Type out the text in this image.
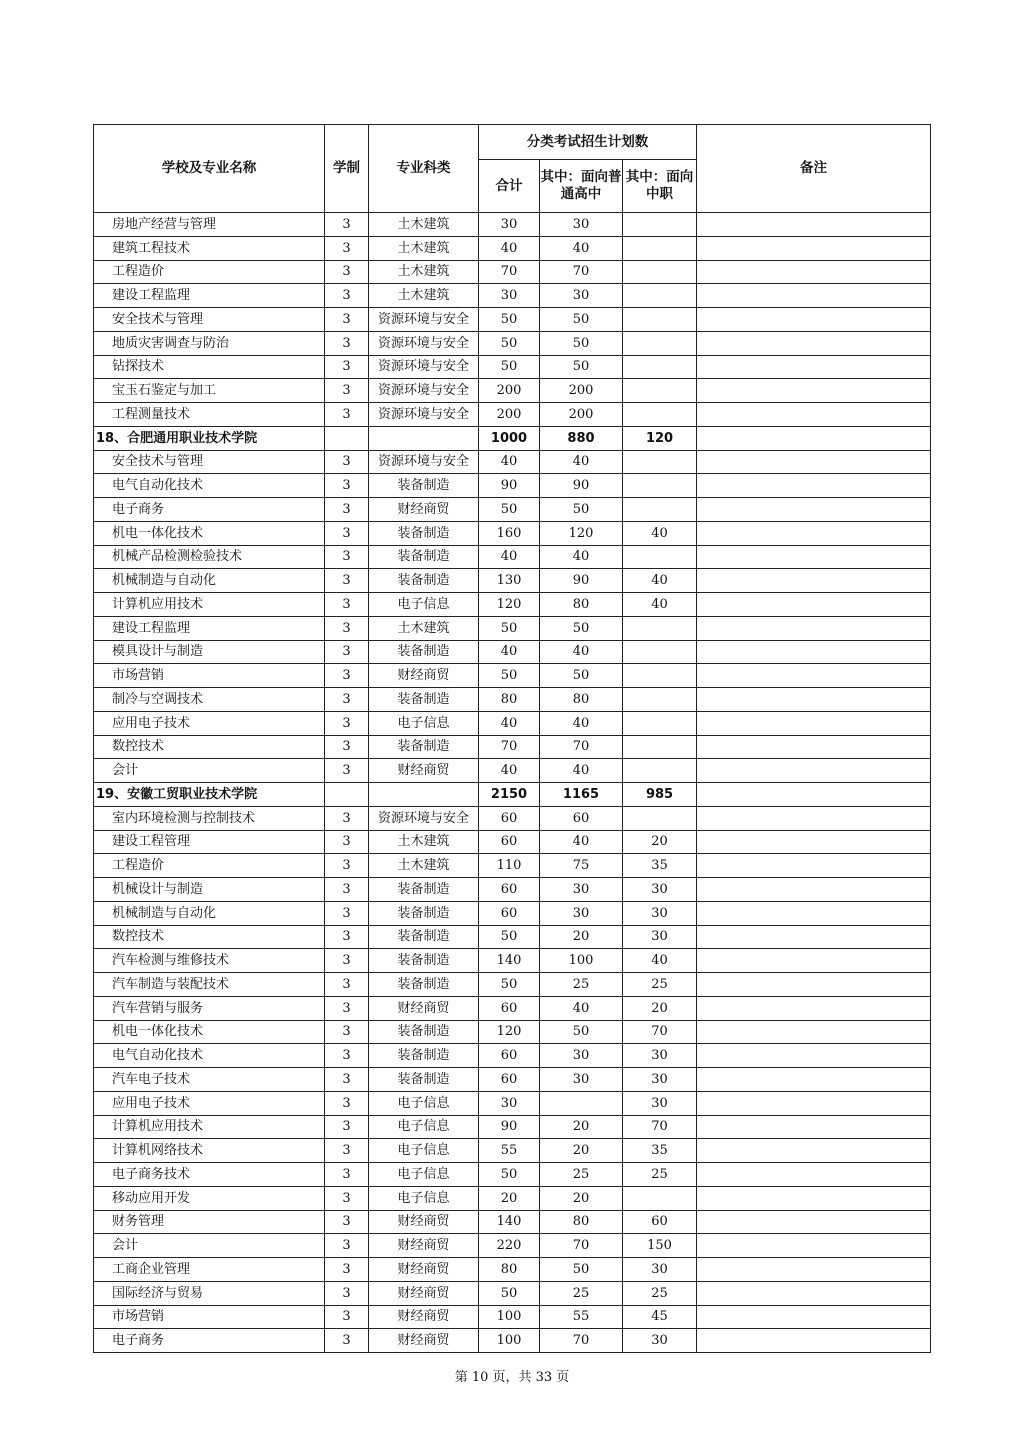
学校及专业名称	学制	专业科类	分类考试招生计划数			备注
			合计	其中：面向普通高中	其中：面向中职	
房地产经营与管理	3	土木建筑	30	30		
建筑工程技术	3	土木建筑	40	40		
工程造价	3	土木建筑	70	70		
建设工程监理	3	土木建筑	30	30		
安全技术与管理	3	资源环境与安全	50	50		
地质灾害调查与防治	3	资源环境与安全	50	50		
钻探技术	3	资源环境与安全	50	50		
宝玉石鉴定与加工	3	资源环境与安全	200	200		
工程测量技术	3	资源环境与安全	200	200		
18、合肥通用职业技术学院			1000	880	120	
安全技术与管理	3	资源环境与安全	40	40		
电气自动化技术	3	装备制造	90	90		
电子商务	3	财经商贸	50	50		
机电一体化技术	3	装备制造	160	120	40	
机械产品检测检验技术	3	装备制造	40	40		
机械制造与自动化	3	装备制造	130	90	40	
计算机应用技术	3	电子信息	120	80	40	
建设工程监理	3	土木建筑	50	50		
模具设计与制造	3	装备制造	40	40		
市场营销	3	财经商贸	50	50		
制冷与空调技术	3	装备制造	80	80		
应用电子技术	3	电子信息	40	40		
数控技术	3	装备制造	70	70		
会计	3	财经商贸	40	40		
19、安徽工贸职业技术学院			2150	1165	985	
室内环境检测与控制技术	3	资源环境与安全	60	60		
建设工程管理	3	土木建筑	60	40	20	
工程造价	3	土木建筑	110	75	35	
机械设计与制造	3	装备制造	60	30	30	
机械制造与自动化	3	装备制造	60	30	30	
数控技术	3	装备制造	50	20	30	
汽车检测与维修技术	3	装备制造	140	100	40	
汽车制造与装配技术	3	装备制造	50	25	25	
汽车营销与服务	3	财经商贸	60	40	20	
机电一体化技术	3	装备制造	120	50	70	
电气自动化技术	3	装备制造	60	30	30	
汽车电子技术	3	装备制造	60	30	30	
应用电子技术	3	电子信息	30		30	
计算机应用技术	3	电子信息	90	20	70	
计算机网络技术	3	电子信息	55	20	35	
电子商务技术	3	电子信息	50	25	25	
移动应用开发	3	电子信息	20	20		
财务管理	3	财经商贸	140	80	60	
会计	3	财经商贸	220	70	150	
工商企业管理	3	财经商贸	80	50	30	
国际经济与贸易	3	财经商贸	50	25	25	
市场营销	3	财经商贸	100	55	45	
电子商务	3	财经商贸	100	70	30	
第 10 页，共 33 页
